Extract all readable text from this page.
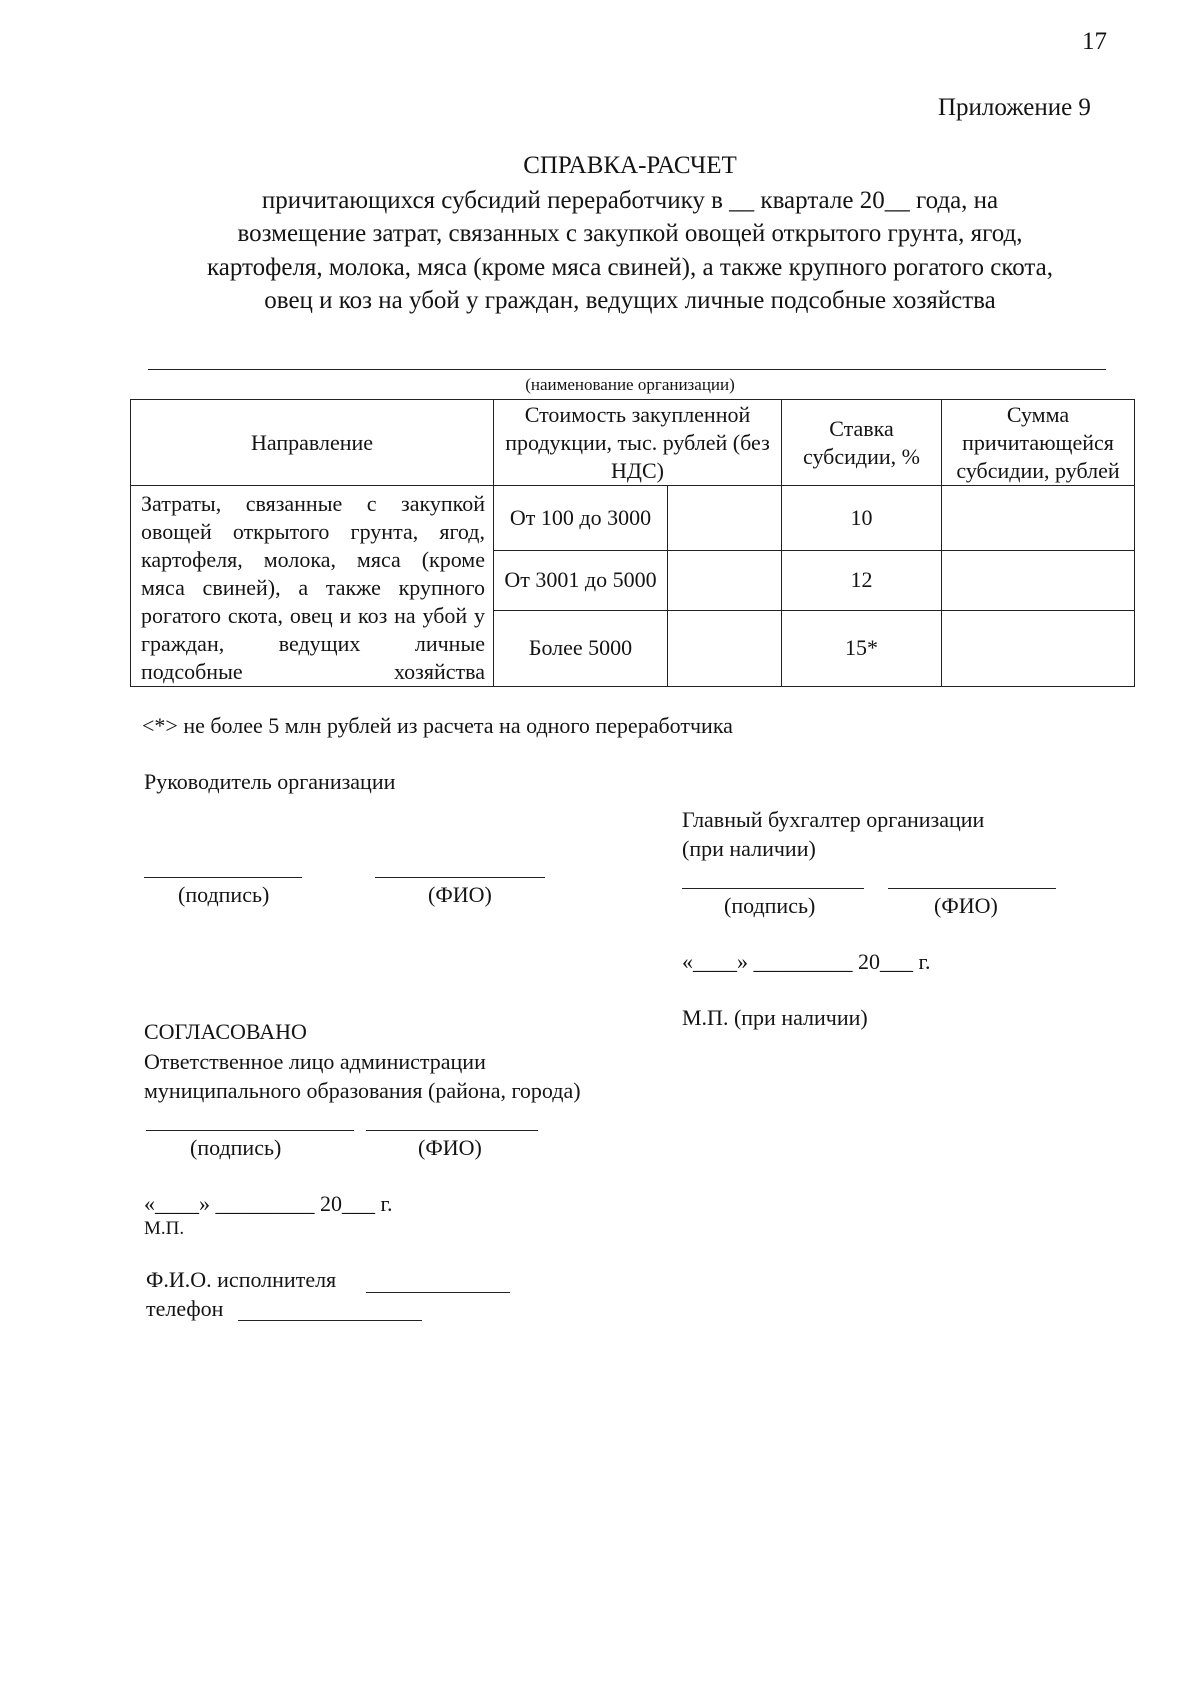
17
Приложение 9
СПРАВКА-РАСЧЕТ
причитающихся субсидий переработчику в __ квартале 20__ года, на
возмещение затрат, связанных с закупкой овощей открытого грунта, ягод,
картофеля, молока, мяса (кроме мяса свиней), а также крупного рогатого скота,
овец и коз на убой у граждан, ведущих личные подсобные хозяйства
(наименование организации)
Направление	Стоимость закупленной продукции, тыс. рублей (без НДС)		Ставка субсидии, %	Сумма причитающейся субсидии, рублей

Затраты, связанные с закупкой овощей открытого грунта, ягод, картофеля, молока, мяса (кроме мяса свиней), а также крупного рогатого скота, овец и коз на убой у граждан, ведущих личные подсобные хозяйства	От 100 до 3000		10	
	От 3001 до 5000		12	
	Более 5000		15*	
<*> не более 5 млн рублей из расчета на одного переработчика
Руководитель организации
(подпись)	(ФИО)
Главный бухгалтер организации
(при наличии)
(подпись)	(ФИО)
«____» _________ 20___ г.
М.П. (при наличии)
СОГЛАСОВАНО
Ответственное лицо администрации
муниципального образования (района, города)
(подпись)	(ФИО)
«____» _________ 20___ г.
М.П.
Ф.И.О. исполнителя
телефон
